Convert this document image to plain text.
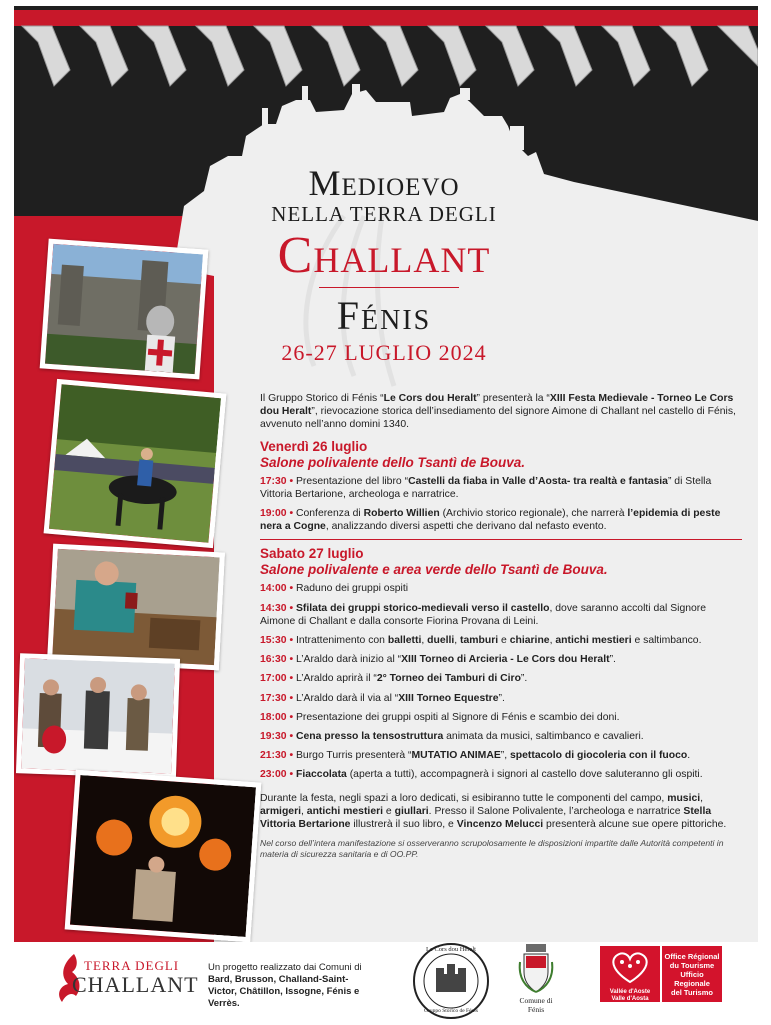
Medioevo
NELLA TERRA DEGLI
Challant
Fénis
26-27 LUGLIO 2024

Il Gruppo Storico di Fénis “Le Cors dou Heralt” presenterà la “XIII Festa Medievale - Torneo Le Cors dou Heralt”, rievocazione storica dell’insediamento del signore Aimone di Challant nel castello di Fénis, avvenuto nell’anno domini 1340.

Venerdì 26 luglio
Salone polivalente dello Tsantì de Bouva.
17:30 • Presentazione del libro “Castelli da fiaba in Valle d’Aosta- tra realtà e fantasia” di Stella Vittoria Bertarione, archeologa e narratrice.
19:00 • Conferenza di Roberto Willien (Archivio storico regionale), che narrerà l’epidemia di peste nera a Cogne, analizzando diversi aspetti che derivano dal nefasto evento.
Sabato 27 luglio
Salone polivalente e area verde dello Tsantì de Bouva.
14:00 • Raduno dei gruppi ospiti
14:30 • Sfilata dei gruppi storico-medievali verso il castello, dove saranno accolti dal Signore Aimone di Challant e dalla consorte Fiorina Provana di Leini.
15:30 • Intrattenimento con balletti, duelli, tamburi e chiarine, antichi mestieri e saltimbanco.
16:30 • L’Araldo darà inizio al “XIII Torneo di Arcieria - Le Cors dou Heralt”.
17:00 • L’Araldo aprirà il “2° Torneo dei Tamburi di Ciro”.
17:30 • L’Araldo darà il via al “XIII Torneo Equestre”.
18:00 • Presentazione dei gruppi ospiti al Signore di Fénis e scambio dei doni.
19:30 • Cena presso la tensostruttura animata da musici, saltimbanco e cavalieri.
21:30 • Burgo Turris presenterà “MUTATIO ANIMAE”, spettacolo di giocoleria con il fuoco.
23:00 • Fiaccolata (aperta a tutti), accompagnerà i signori al castello dove saluteranno gli ospiti.

Durante la festa, negli spazi a loro dedicati, si esibiranno tutte le componenti del campo, musici, armigeri, antichi mestieri e giullari. Presso il Salone Polivalente, l’archeologa e narratrice Stella Vittoria Bertarione illustrerà il suo libro, e Vincenzo Melucci presenterà alcune sue opere pittoriche.

Nel corso dell’intera manifestazione si osserveranno scrupolosamente le disposizioni impartite dalle Autorità competenti in materia di sicurezza sanitaria e di OO.PP.
TERRA DEGLI
CHALLANT
Un progetto realizzato dai Comuni di
Bard, Brusson, Challand-Saint-Victor, Châtillon, Issogne, Fénis e Verrès.
Le Cors dou Heralt
Gruppo Storico de Fénis
Comune di
Fénis
Vallée d'Aoste
Valle d'Aosta
Office Régional
du Tourisme
Ufficio Regionale
del Turismo
